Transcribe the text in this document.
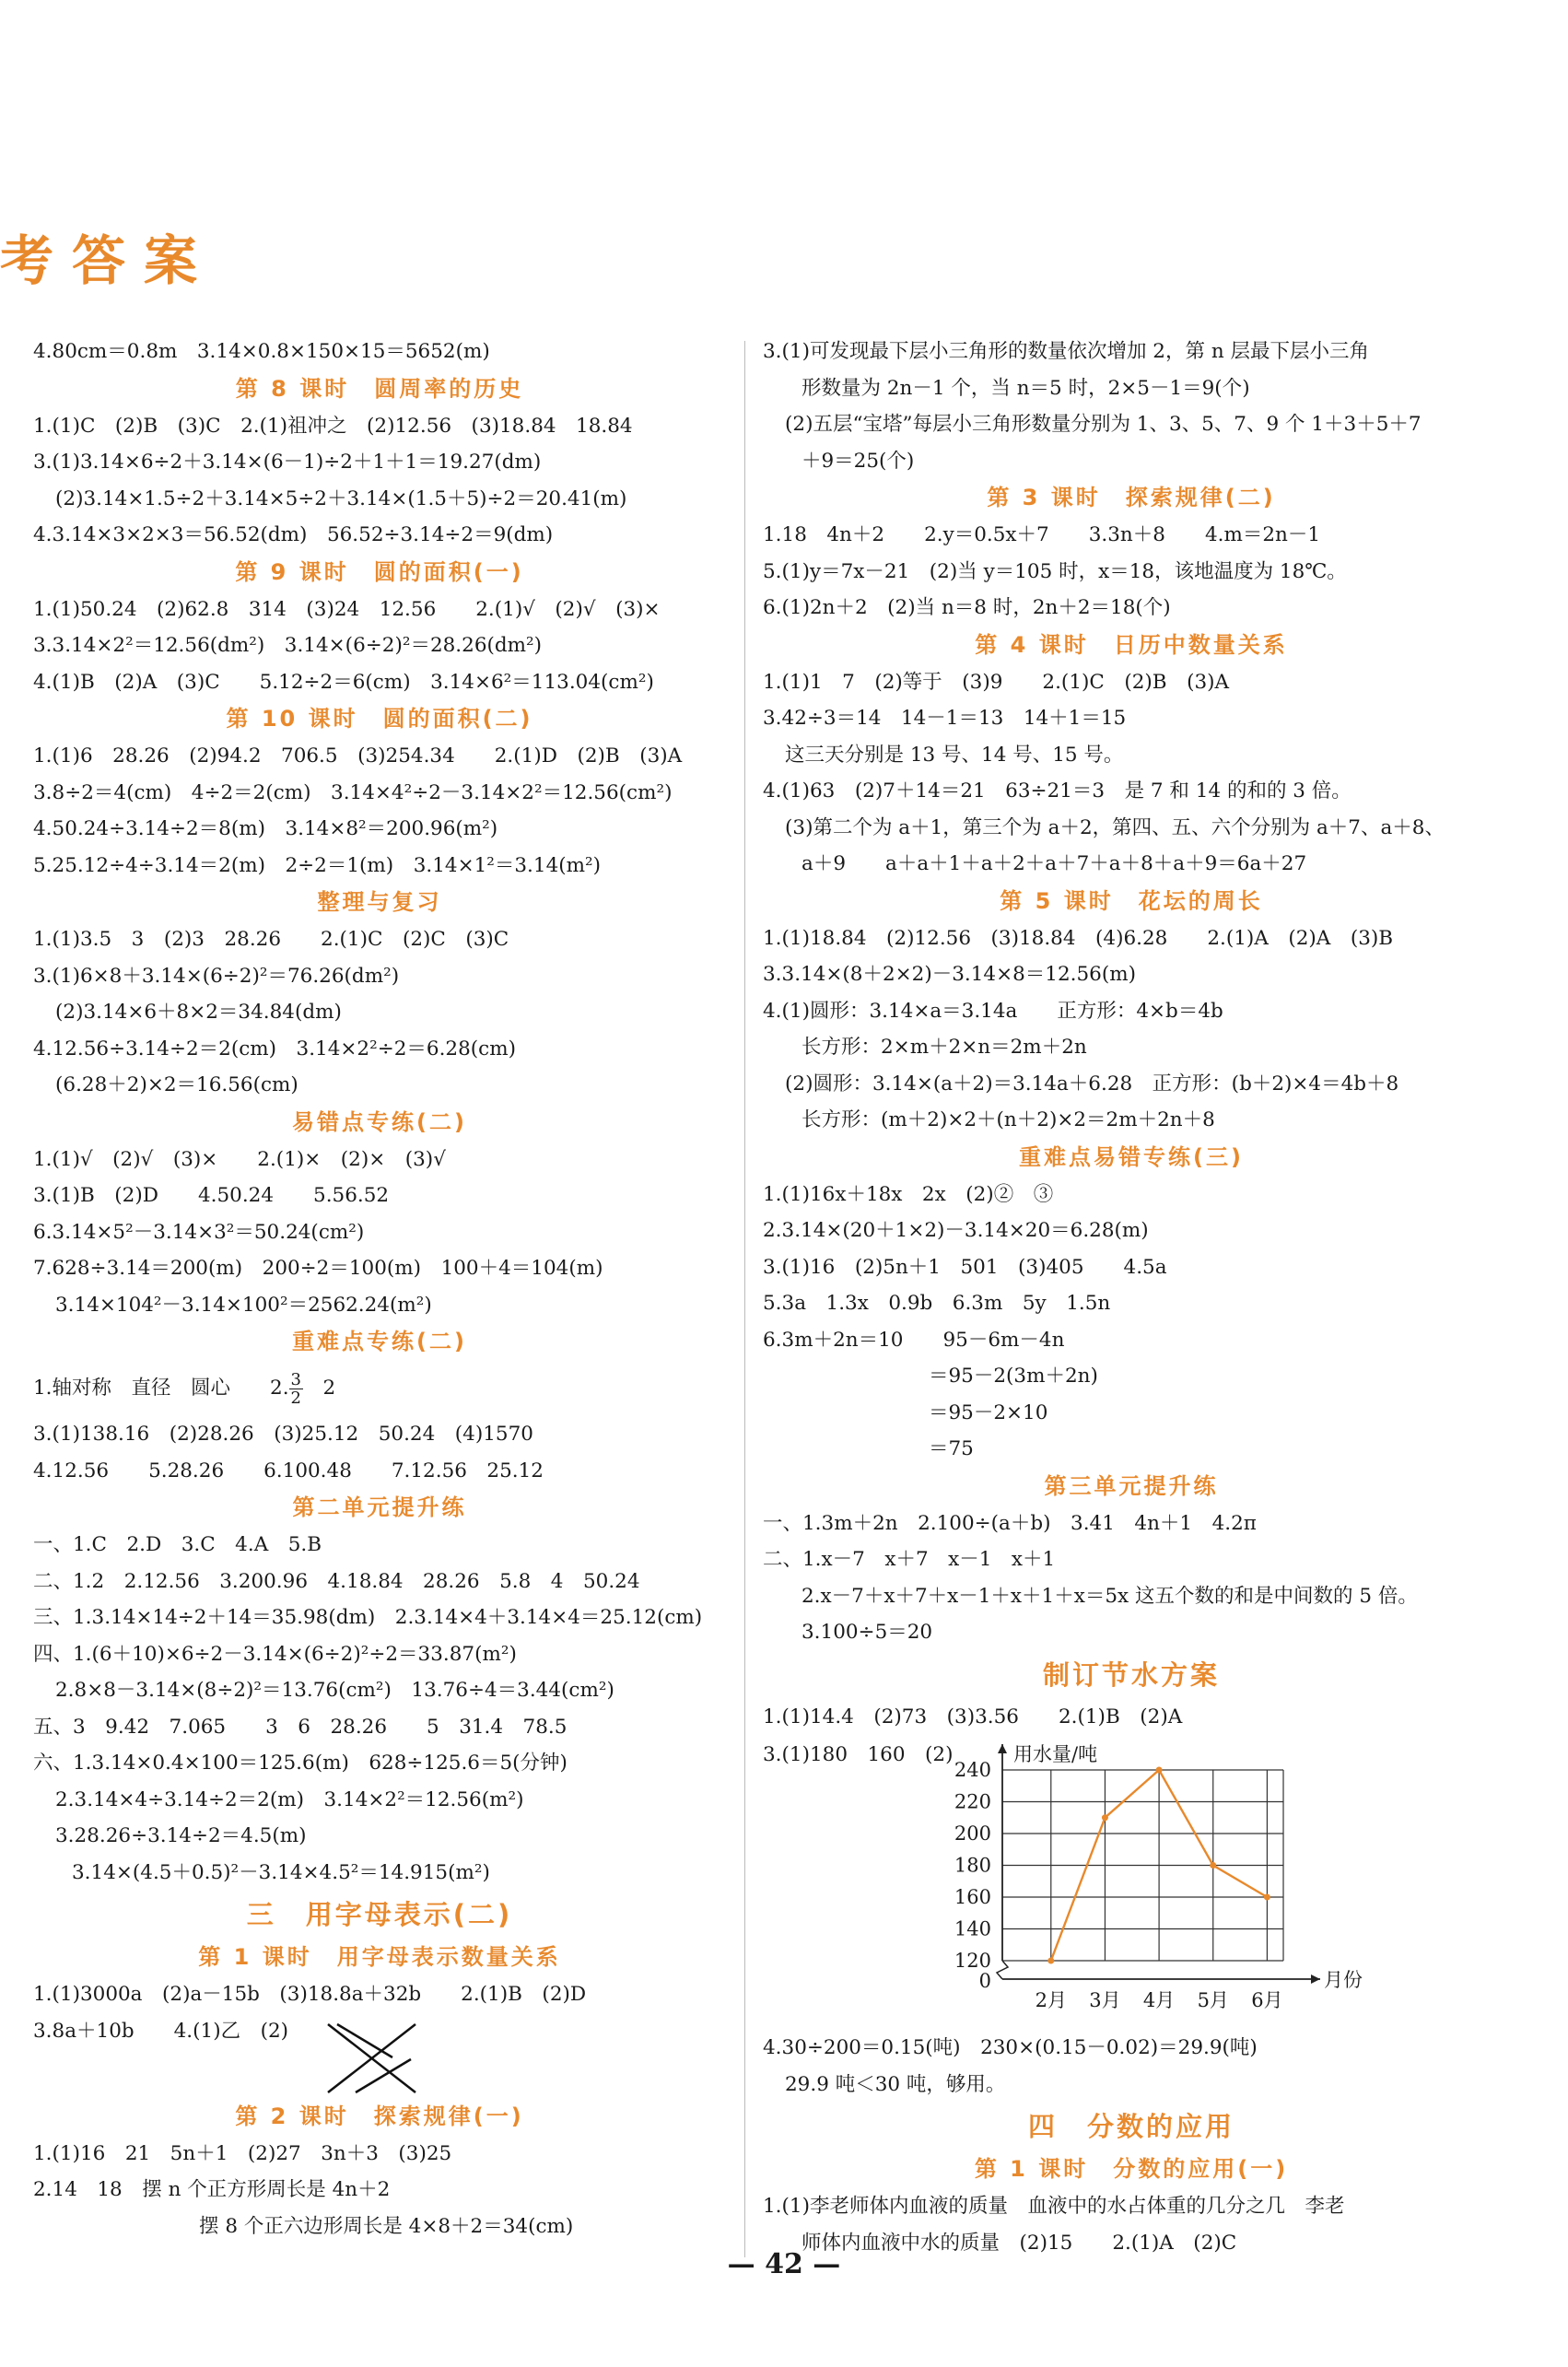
考答案
4.80cm＝0.8m　3.14×0.8×150×15＝5652(m)
第 8 课时　圆周率的历史
1.(1)C　(2)B　(3)C　2.(1)祖冲之　(2)12.56　(3)18.84　18.84
3.(1)3.14×6÷2＋3.14×(6－1)÷2＋1＋1＝19.27(dm)
(2)3.14×1.5÷2＋3.14×5÷2＋3.14×(1.5＋5)÷2＝20.41(m)
4.3.14×3×2×3＝56.52(dm)　56.52÷3.14÷2＝9(dm)
第 9 课时　圆的面积(一)
1.(1)50.24　(2)62.8　314　(3)24　12.56　　2.(1)√　(2)√　(3)×
3.3.14×2²＝12.56(dm²)　3.14×(6÷2)²＝28.26(dm²)
4.(1)B　(2)A　(3)C　　5.12÷2＝6(cm)　3.14×6²＝113.04(cm²)
第 10 课时　圆的面积(二)
1.(1)6　28.26　(2)94.2　706.5　(3)254.34　　2.(1)D　(2)B　(3)A
3.8÷2＝4(cm)　4÷2＝2(cm)　3.14×4²÷2－3.14×2²＝12.56(cm²)
4.50.24÷3.14÷2＝8(m)　3.14×8²＝200.96(m²)
5.25.12÷4÷3.14＝2(m)　2÷2＝1(m)　3.14×1²＝3.14(m²)
整理与复习
1.(1)3.5　3　(2)3　28.26　　2.(1)C　(2)C　(3)C
3.(1)6×8＋3.14×(6÷2)²＝76.26(dm²)
(2)3.14×6＋8×2＝34.84(dm)
4.12.56÷3.14÷2＝2(cm)　3.14×2²÷2＝6.28(cm)
(6.28＋2)×2＝16.56(cm)
易错点专练(二)
1.(1)√　(2)√　(3)×　　2.(1)×　(2)×　(3)√
3.(1)B　(2)D　　4.50.24　　5.56.52
6.3.14×5²－3.14×3²＝50.24(cm²)
7.628÷3.14＝200(m)　200÷2＝100(m)　100＋4＝104(m)
3.14×104²－3.14×100²＝2562.24(m²)
重难点专练(二)
1.轴对称　直径　圆心　　2. $\frac{3}{2}$ 　2
3.(1)138.16　(2)28.26　(3)25.12　50.24　(4)1570
4.12.56　　5.28.26　　6.100.48　　7.12.56　25.12
第二单元提升练
一、1.C　2.D　3.C　4.A　5.B
二、1.2　2.12.56　3.200.96　4.18.84　28.26　5.8　4　50.24
三、1.3.14×14÷2＋14＝35.98(dm)　2.3.14×4＋3.14×4＝25.12(cm)
四、1.(6＋10)×6÷2－3.14×(6÷2)²÷2＝33.87(m²)
2.8×8－3.14×(8÷2)²＝13.76(cm²)　13.76÷4＝3.44(cm²)
五、3　9.42　7.065　　3　6　28.26　　5　31.4　78.5
六、1.3.14×0.4×100＝125.6(m)　628÷125.6＝5(分钟)
2.3.14×4÷3.14÷2＝2(m)　3.14×2²＝12.56(m²)
3.28.26÷3.14÷2＝4.5(m)
3.14×(4.5＋0.5)²－3.14×4.5²＝14.915(m²)
三　用字母表示(二)
第 1 课时　用字母表示数量关系
1.(1)3000a　(2)a－15b　(3)18.8a＋32b　　2.(1)B　(2)D
3.8a＋10b　　4.(1)乙　(2)
第 2 课时　探索规律(一)
1.(1)16　21　5n＋1　(2)27　3n＋3　(3)25
2.14　18　摆 n 个正方形周长是 4n＋2
摆 8 个正六边形周长是 4×8＋2＝34(cm)
3.(1)可发现最下层小三角形的数量依次增加 2，第 n 层最下层小三角
形数量为 2n－1 个，当 n＝5 时，2×5－1＝9(个)
(2)五层“宝塔”每层小三角形数量分别为 1、3、5、7、9 个 1＋3＋5＋7
＋9＝25(个)
第 3 课时　探索规律(二)
1.18　4n＋2　　2.y＝0.5x＋7　　3.3n＋8　　4.m＝2n－1
5.(1)y＝7x－21　(2)当 y＝105 时，x＝18，该地温度为 18℃。
6.(1)2n＋2　(2)当 n＝8 时，2n＋2＝18(个)
第 4 课时　日历中数量关系
1.(1)1　7　(2)等于　(3)9　　2.(1)C　(2)B　(3)A
3.42÷3＝14　14－1＝13　14＋1＝15
这三天分别是 13 号、14 号、15 号。
4.(1)63　(2)7＋14＝21　63÷21＝3　是 7 和 14 的和的 3 倍。
(3)第二个为 a＋1，第三个为 a＋2，第四、五、六个分别为 a＋7、a＋8、
a＋9　　a＋a＋1＋a＋2＋a＋7＋a＋8＋a＋9＝6a＋27
第 5 课时　花坛的周长
1.(1)18.84　(2)12.56　(3)18.84　(4)6.28　　2.(1)A　(2)A　(3)B
3.3.14×(8＋2×2)－3.14×8＝12.56(m)
4.(1)圆形：3.14×a＝3.14a　　正方形：4×b＝4b
长方形：2×m＋2×n＝2m＋2n
(2)圆形：3.14×(a＋2)＝3.14a＋6.28　正方形：(b＋2)×4＝4b＋8
长方形：(m＋2)×2＋(n＋2)×2＝2m＋2n＋8
重难点易错专练(三)
1.(1)16x＋18x　2x　(2)②　③
2.3.14×(20＋1×2)－3.14×20＝6.28(m)
3.(1)16　(2)5n＋1　501　(3)405　　4.5a
5.3a　1.3x　0.9b　6.3m　5y　1.5n
6.3m＋2n＝10　　95－6m－4n
＝95－2(3m＋2n)
＝95－2×10
＝75
第三单元提升练
一、1.3m＋2n　2.100÷(a＋b)　3.41　4n＋1　4.2π
二、1.x－7　x＋7　x－1　x＋1
2.x－7＋x＋7＋x－1＋x＋1＋x＝5x 这五个数的和是中间数的 5 倍。
3.100÷5＝20
制订节水方案
1.(1)14.4　(2)73　(3)3.56　　2.(1)B　(2)A
3.(1)180　160　(2)
0
120
140
160
180
200
220
240
用水量/吨
月份
2月 3月 4月 5月 6月
4.30÷200＝0.15(吨)　230×(0.15－0.02)＝29.9(吨)
29.9 吨＜30 吨，够用。
四　分数的应用
第 1 课时　分数的应用(一)
1.(1)李老师体内血液的质量　血液中的水占体重的几分之几　李老
师体内血液中水的质量　(2)15　　2.(1)A　(2)C
— 42 —
